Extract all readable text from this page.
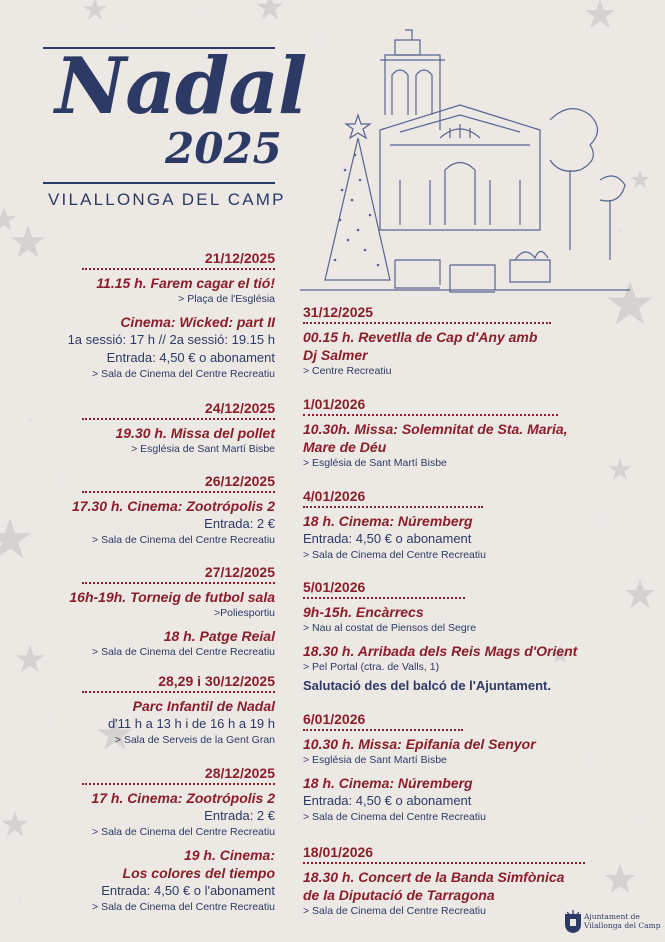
Nadal
2025
VILALLONGA DEL CAMP
21/12/2025
11.15 h. Farem cagar el tió!
> Plaça de l'Església
Cinema: Wicked: part II
1a sessió: 17 h // 2a sessió: 19.15 h
Entrada: 4,50 € o abonament
> Sala de Cinema del Centre Recreatiu
24/12/2025
19.30 h. Missa del pollet
> Església de Sant Martí Bisbe
26/12/2025
17.30 h. Cinema: Zootrópolis 2
Entrada: 2 €
> Sala de Cinema del Centre Recreatiu
27/12/2025
16h-19h. Torneig de futbol sala
>Poliesportiu
18 h. Patge Reial
> Sala de Cinema del Centre Recreatiu
28,29 i 30/12/2025
Parc Infantil de Nadal
d'11 h a 13 h i de 16 h a 19 h
> Sala de Serveis de la Gent Gran
28/12/2025
17 h. Cinema: Zootrópolis 2
Entrada: 2 €
> Sala de Cinema del Centre Recreatiu
19 h. Cinema:
Los colores del tiempo
Entrada: 4,50 € o l'abonament
> Sala de Cinema del Centre Recreatiu
31/12/2025
00.15 h. Revetlla de Cap d'Any amb
Dj Salmer
> Centre Recreatiu
1/01/2026
10.30h. Missa: Solemnitat de Sta. Maria,
Mare de Déu
> Església de Sant Martí Bisbe
4/01/2026
18 h. Cinema: Núremberg
Entrada: 4,50 € o abonament
> Sala de Cinema del Centre Recreatiu
5/01/2026
9h-15h. Encàrrecs
> Nau al costat de Piensos del Segre
18.30 h. Arribada dels Reis Mags d'Orient
> Pel Portal (ctra. de Valls, 1)
Salutació des del balcó de l'Ajuntament.
6/01/2026
10.30 h. Missa: Epifania del Senyor
> Església de Sant Martí Bisbe
18 h. Cinema: Núremberg
Entrada: 4,50 € o abonament
> Sala de Cinema del Centre Recreatiu
18/01/2026
18.30 h. Concert de la Banda Simfònica
de la Diputació de Tarragona
> Sala de Cinema del Centre Recreatiu	Ajuntament de
Vilallonga del Camp
